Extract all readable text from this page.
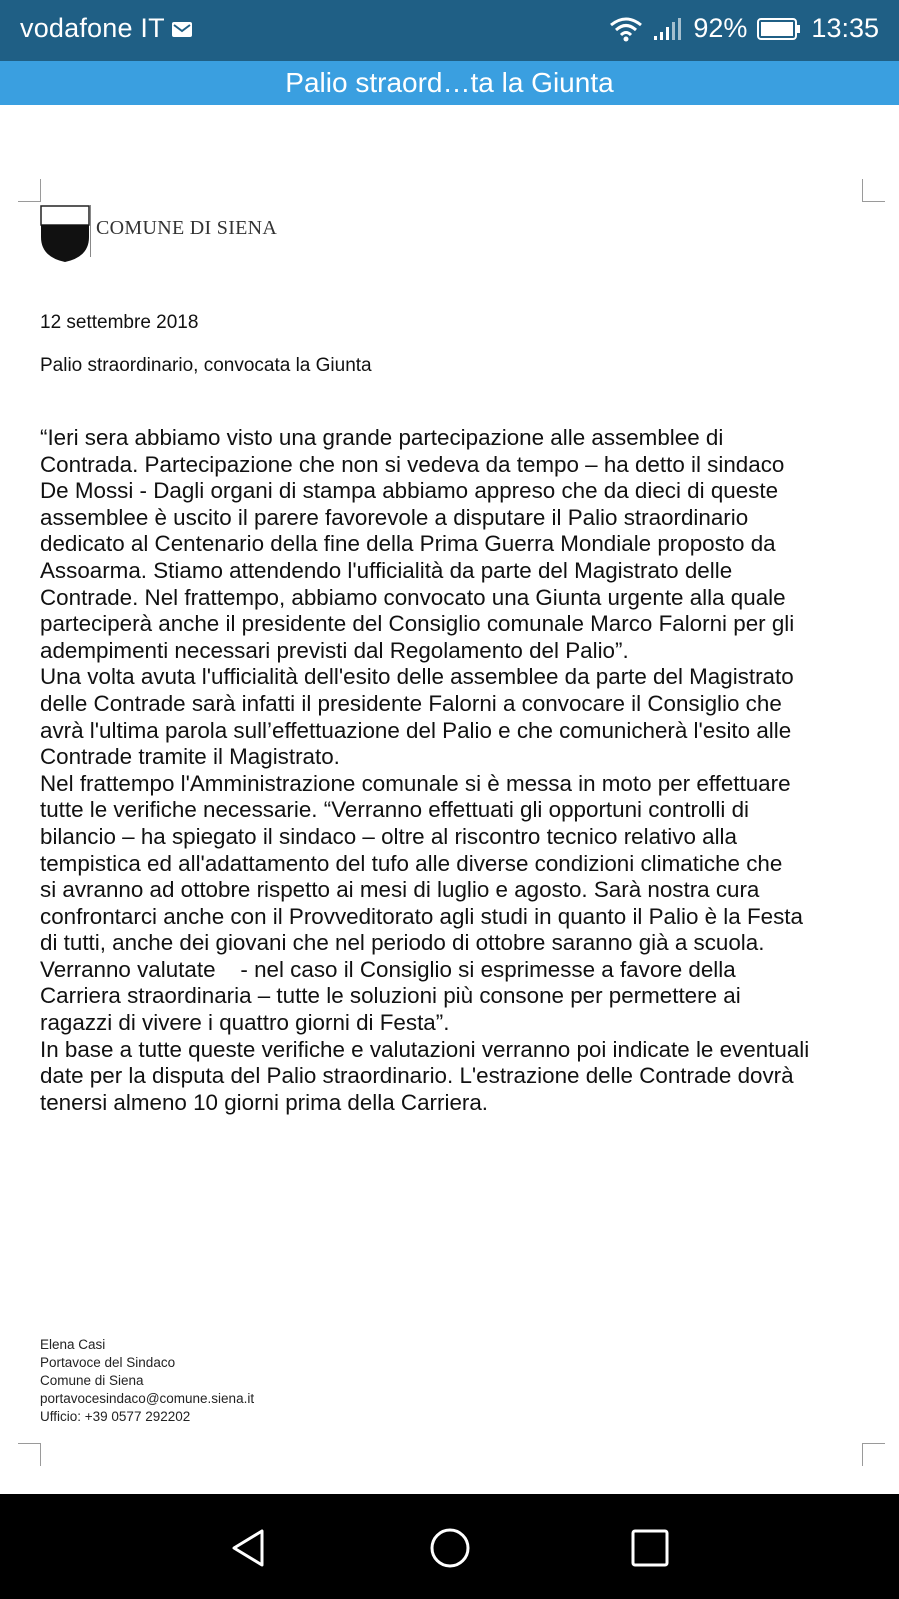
vodafone IT	92% 13:35
Palio straord…ta la Giunta
COMUNE DI SIENA
12 settembre 2018
Palio straordinario, convocata la Giunta

“Ieri sera abbiamo visto una grande partecipazione alle assemblee di

Contrada. Partecipazione che non si vedeva da tempo – ha detto il sindaco

De Mossi - Dagli organi di stampa abbiamo appreso che da dieci di queste

assemblee è uscito il parere favorevole a disputare il Palio straordinario

dedicato al Centenario della fine della Prima Guerra Mondiale proposto da

Assoarma. Stiamo attendendo l'ufficialità da parte del Magistrato delle

Contrade. Nel frattempo, abbiamo convocato una Giunta urgente alla quale

parteciperà anche il presidente del Consiglio comunale Marco Falorni per gli

adempimenti necessari previsti dal Regolamento del Palio”.

Una volta avuta l'ufficialità dell'esito delle assemblee da parte del Magistrato

delle Contrade sarà infatti il presidente Falorni a convocare il Consiglio che

avrà l'ultima parola sull’effettuazione del Palio e che comunicherà l'esito alle

Contrade tramite il Magistrato.

Nel frattempo l'Amministrazione comunale si è messa in moto per effettuare

tutte le verifiche necessarie. “Verranno effettuati gli opportuni controlli di

bilancio – ha spiegato il sindaco – oltre al riscontro tecnico relativo alla

tempistica ed all'adattamento del tufo alle diverse condizioni climatiche che

si avranno ad ottobre rispetto ai mesi di luglio e agosto. Sarà nostra cura

confrontarci anche con il Provveditorato agli studi in quanto il Palio è la Festa

di tutti, anche dei giovani che nel periodo di ottobre saranno già a scuola.

Verranno valutate    - nel caso il Consiglio si esprimesse a favore della

Carriera straordinaria – tutte le soluzioni più consone per permettere ai

ragazzi di vivere i quattro giorni di Festa”.

In base a tutte queste verifiche e valutazioni verranno poi indicate le eventuali

date per la disputa del Palio straordinario. L'estrazione delle Contrade dovrà

tenersi almeno 10 giorni prima della Carriera.

Elena Casi
Portavoce del Sindaco
Comune di Siena
portavocesindaco@comune.siena.it
Ufficio: +39 0577 292202
